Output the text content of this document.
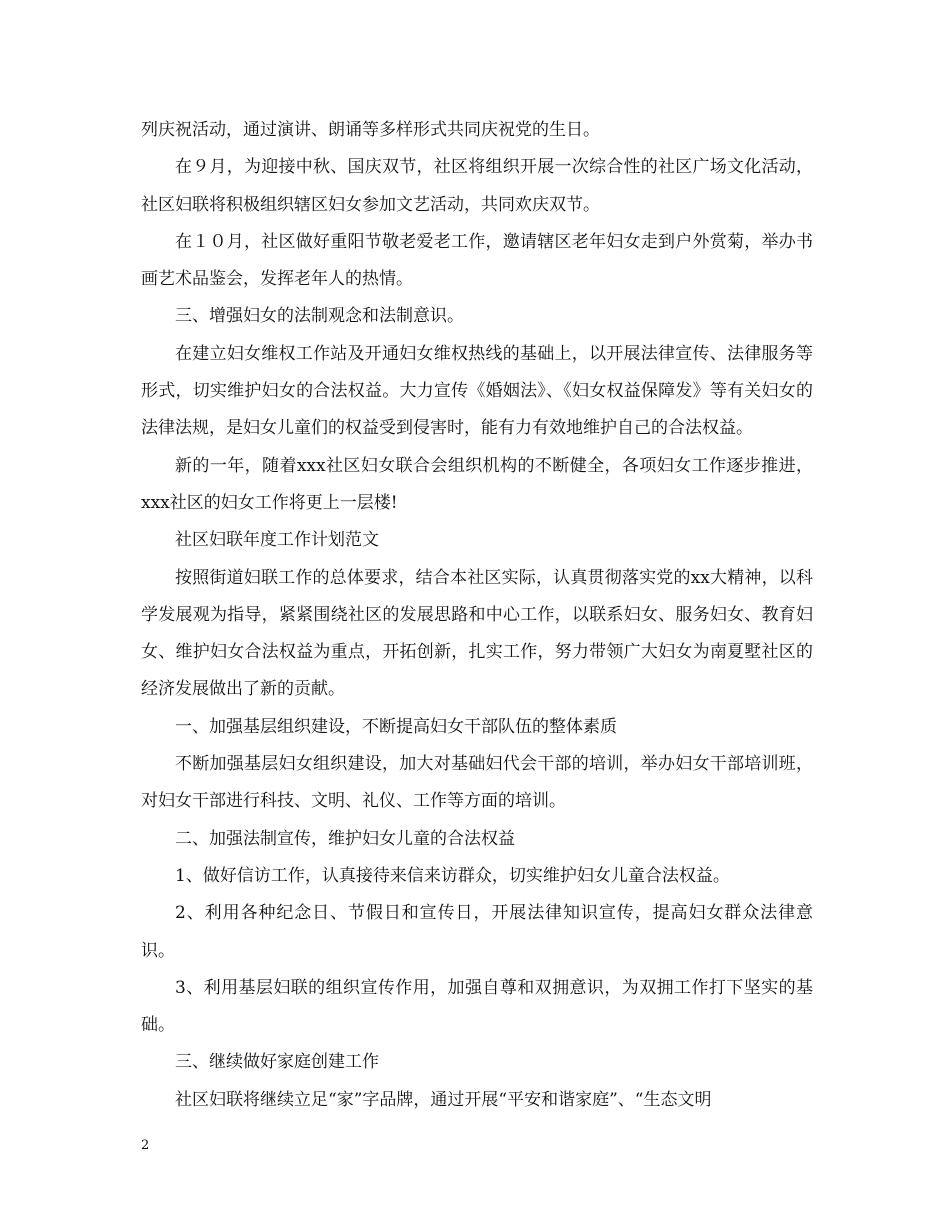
列庆祝活动，通过演讲、朗诵等多样形式共同庆祝党的生日。

在９月，为迎接中秋、国庆双节，社区将组织开展一次综合性的社区广场文化活动，社区妇联将积极组织辖区妇女参加文艺活动，共同欢庆双节。

在１０月，社区做好重阳节敬老爱老工作，邀请辖区老年妇女走到户外赏菊，举办书画艺术品鉴会，发挥老年人的热情。

三、增强妇女的法制观念和法制意识。

在建立妇女维权工作站及开通妇女维权热线的基础上，以开展法律宣传、法律服务等形式，切实维护妇女的合法权益。大力宣传《婚姻法》、《妇女权益保障发》等有关妇女的法律法规，是妇女儿童们的权益受到侵害时，能有力有效地维护自己的合法权益。

新的一年，随着xxx社区妇女联合会组织机构的不断健全，各项妇女工作逐步推进，xxx社区的妇女工作将更上一层楼!

社区妇联年度工作计划范文

按照街道妇联工作的总体要求，结合本社区实际，认真贯彻落实党的xx大精神，以科学发展观为指导，紧紧围绕社区的发展思路和中心工作，以联系妇女、服务妇女、教育妇女、维护妇女合法权益为重点，开拓创新，扎实工作，努力带领广大妇女为南夏墅社区的经济发展做出了新的贡献。

一、加强基层组织建设，不断提高妇女干部队伍的整体素质

不断加强基层妇女组织建设，加大对基础妇代会干部的培训，举办妇女干部培训班，对妇女干部进行科技、文明、礼仪、工作等方面的培训。

二、加强法制宣传，维护妇女儿童的合法权益

1、做好信访工作，认真接待来信来访群众，切实维护妇女儿童合法权益。

2、利用各种纪念日、节假日和宣传日，开展法律知识宣传，提高妇女群众法律意识。

3、利用基层妇联的组织宣传作用，加强自尊和双拥意识，为双拥工作打下坚实的基础。

三、继续做好家庭创建工作

社区妇联将继续立足“家”字品牌，通过开展“平安和谐家庭”、“生态文明

2
